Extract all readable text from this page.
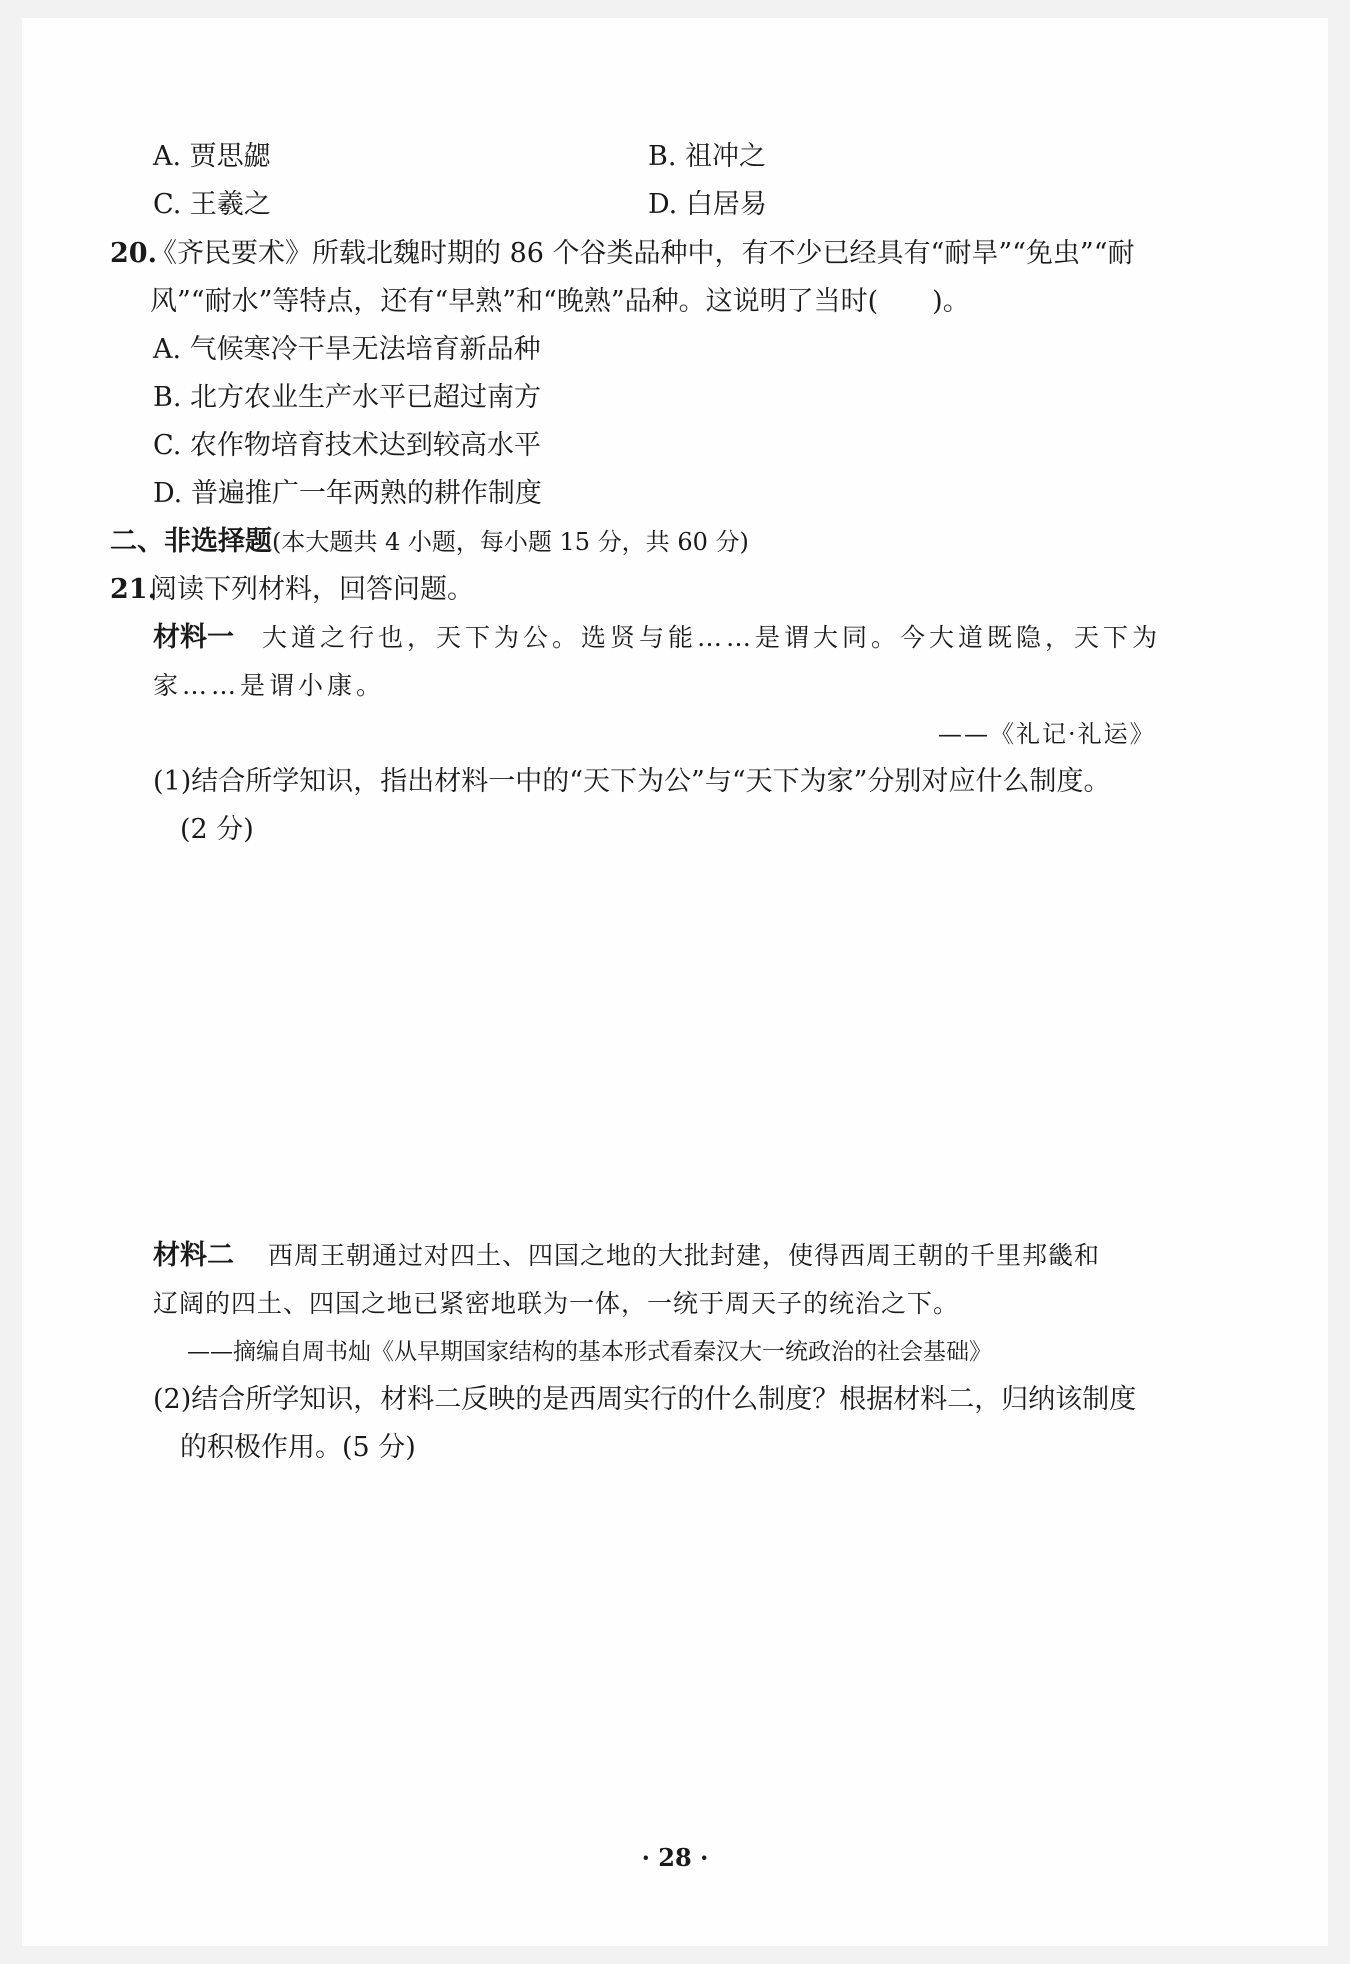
A. 贾思勰	B. 祖冲之
C. 王羲之	D. 白居易
20.
《齐民要术》所载北魏时期的 86 个谷类品种中，有不少已经具有“耐旱”“免虫”“耐
风”“耐水”等特点，还有“早熟”和“晚熟”品种。这说明了当时(　　)。
A. 气候寒冷干旱无法培育新品种
B. 北方农业生产水平已超过南方
C. 农作物培育技术达到较高水平
D. 普遍推广一年两熟的耕作制度
二、非选择题(本大题共 4 小题，每小题 15 分，共 60 分)
21.
阅读下列材料，回答问题。
材料一 大道之行也，天下为公。选贤与能……是谓大同。今大道既隐，天下为
家……是谓小康。
——《礼记·礼运》
(1)结合所学知识，指出材料一中的“天下为公”与“天下为家”分别对应什么制度。
(2 分)
材料二 西周王朝通过对四土、四国之地的大批封建，使得西周王朝的千里邦畿和
辽阔的四土、四国之地已紧密地联为一体，一统于周天子的统治之下。
——摘编自周书灿《从早期国家结构的基本形式看秦汉大一统政治的社会基础》
(2)结合所学知识，材料二反映的是西周实行的什么制度？根据材料二，归纳该制度
的积极作用。(5 分)
· 28 ·
